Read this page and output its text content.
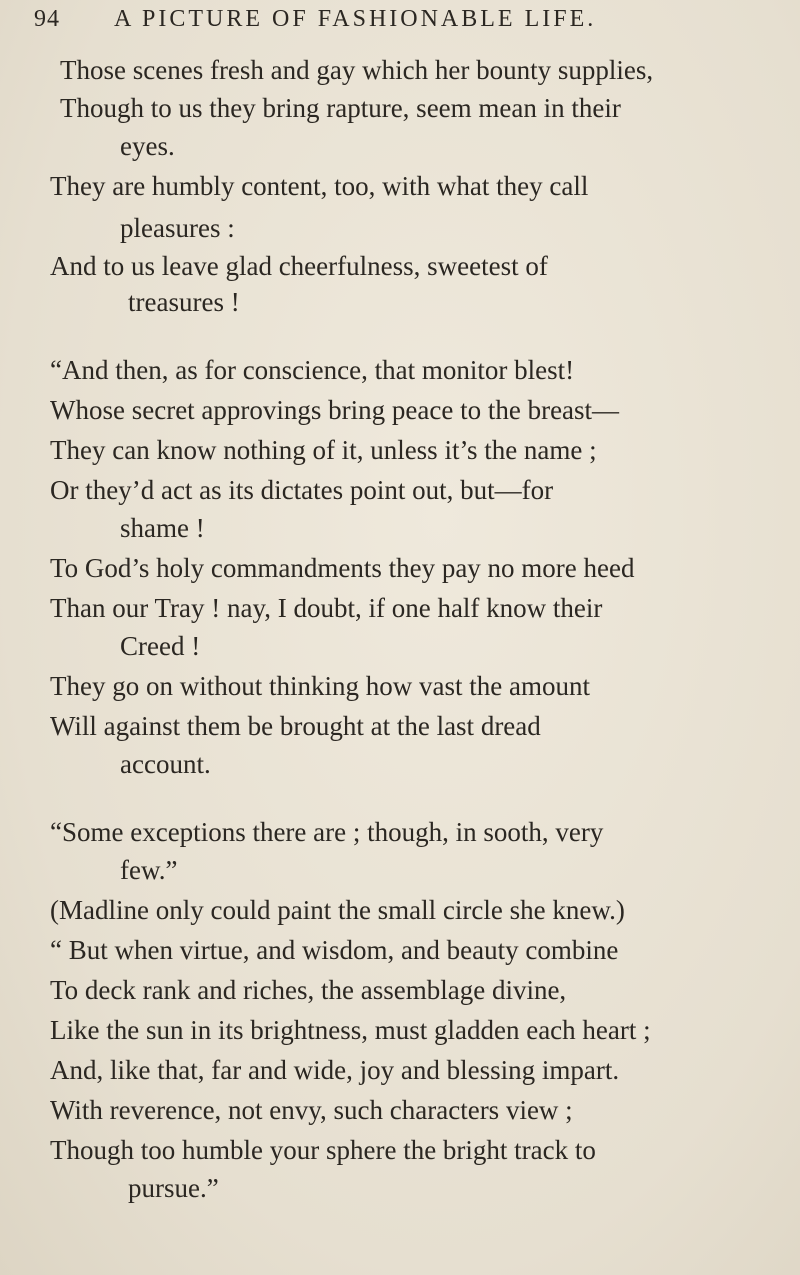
94 A PICTURE OF FASHIONABLE LIFE.
Those scenes fresh and gay which her bounty supplies,
Though to us they bring rapture, seem mean in their
eyes.
They are humbly content, too, with what they call
pleasures :
And to us leave glad cheerfulness, sweetest of
treasures !
“And then, as for conscience, that monitor blest!
Whose secret approvings bring peace to the breast—
They can know nothing of it, unless it’s the name ;
Or they’d act as its dictates point out, but—for
shame !
To God’s holy commandments they pay no more heed
Than our Tray ! nay, I doubt, if one half know their
Creed !
They go on without thinking how vast the amount
Will against them be brought at the last dread
account.
“Some exceptions there are ; though, in sooth, very
few.”
(Madline only could paint the small circle she knew.)
“ But when virtue, and wisdom, and beauty combine
To deck rank and riches, the assemblage divine,
Like the sun in its brightness, must gladden each heart ;
And, like that, far and wide, joy and blessing impart.
With reverence, not envy, such characters view ;
Though too humble your sphere the bright track to
pursue.”
